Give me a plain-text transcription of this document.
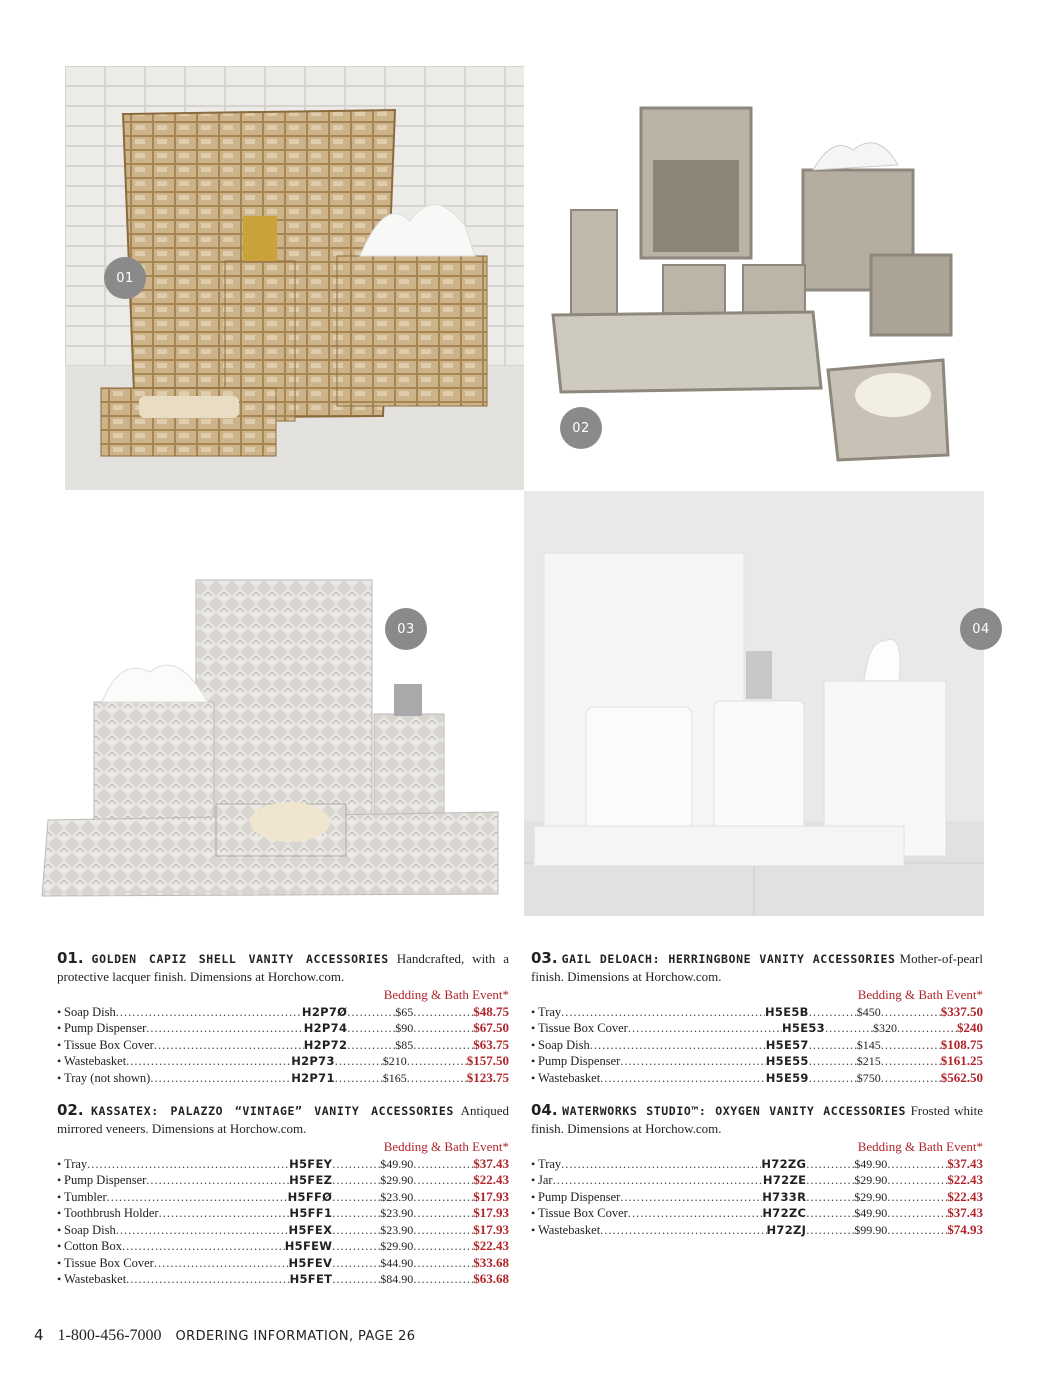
01
02
03	04
01. GOLDEN CAPIZ SHELL VANITY ACCESSORIES Handcrafted, with a protective lacquer finish. Dimensions at Horchow.com.
Bedding & Bath Event*
• Soap Dish .....	H2P7Ø .....	$65 .....	$48.75
• Pump Dispenser .....	H2P74 .....	$90 .....	$67.50
• Tissue Box Cover .....	H2P72 .....	$85 .....	$63.75
• Wastebasket .....	H2P73 .....	$210 .....	$157.50
• Tray (not shown) .....	H2P71 .....	$165 .....	$123.75
02. KASSATEX: PALAZZO “VINTAGE” VANITY ACCESSORIES Antiqued mirrored veneers. Dimensions at Horchow.com.
Bedding & Bath Event*
• Tray .....	H5FEY .....	$49.90 .....	$37.43
• Pump Dispenser .....	H5FEZ .....	$29.90 .....	$22.43
• Tumbler .....	H5FFØ .....	$23.90 .....	$17.93
• Toothbrush Holder .....	H5FF1 .....	$23.90 .....	$17.93
• Soap Dish .....	H5FEX .....	$23.90 .....	$17.93
• Cotton Box .....	H5FEW .....	$29.90 .....	$22.43
• Tissue Box Cover .....	H5FEV .....	$44.90 .....	$33.68
• Wastebasket .....	H5FET .....	$84.90 .....	$63.68
03. GAIL DELOACH: HERRINGBONE VANITY ACCESSORIES Mother-of-pearl finish. Dimensions at Horchow.com.
Bedding & Bath Event*
• Tray .....	H5E5B .....	$450 .....	$337.50
• Tissue Box Cover .....	H5E53 .....	$320 .....	$240
• Soap Dish .....	H5E57 .....	$145 .....	$108.75
• Pump Dispenser .....	H5E55 .....	$215 .....	$161.25
• Wastebasket .....	H5E59 .....	$750 .....	$562.50
04. WATERWORKS STUDIO™: OXYGEN VANITY ACCESSORIES Frosted white finish. Dimensions at Horchow.com.
Bedding & Bath Event*
• Tray .....	H72ZG .....	$49.90 .....	$37.43
• Jar .....	H72ZE .....	$29.90 .....	$22.43
• Pump Dispenser .....	H733R .....	$29.90 .....	$22.43
• Tissue Box Cover .....	H72ZC .....	$49.90 .....	$37.43
• Wastebasket .....	H72ZJ .....	$99.90 .....	$74.93
4 1-800-456-7000 ORDERING INFORMATION, PAGE 26
